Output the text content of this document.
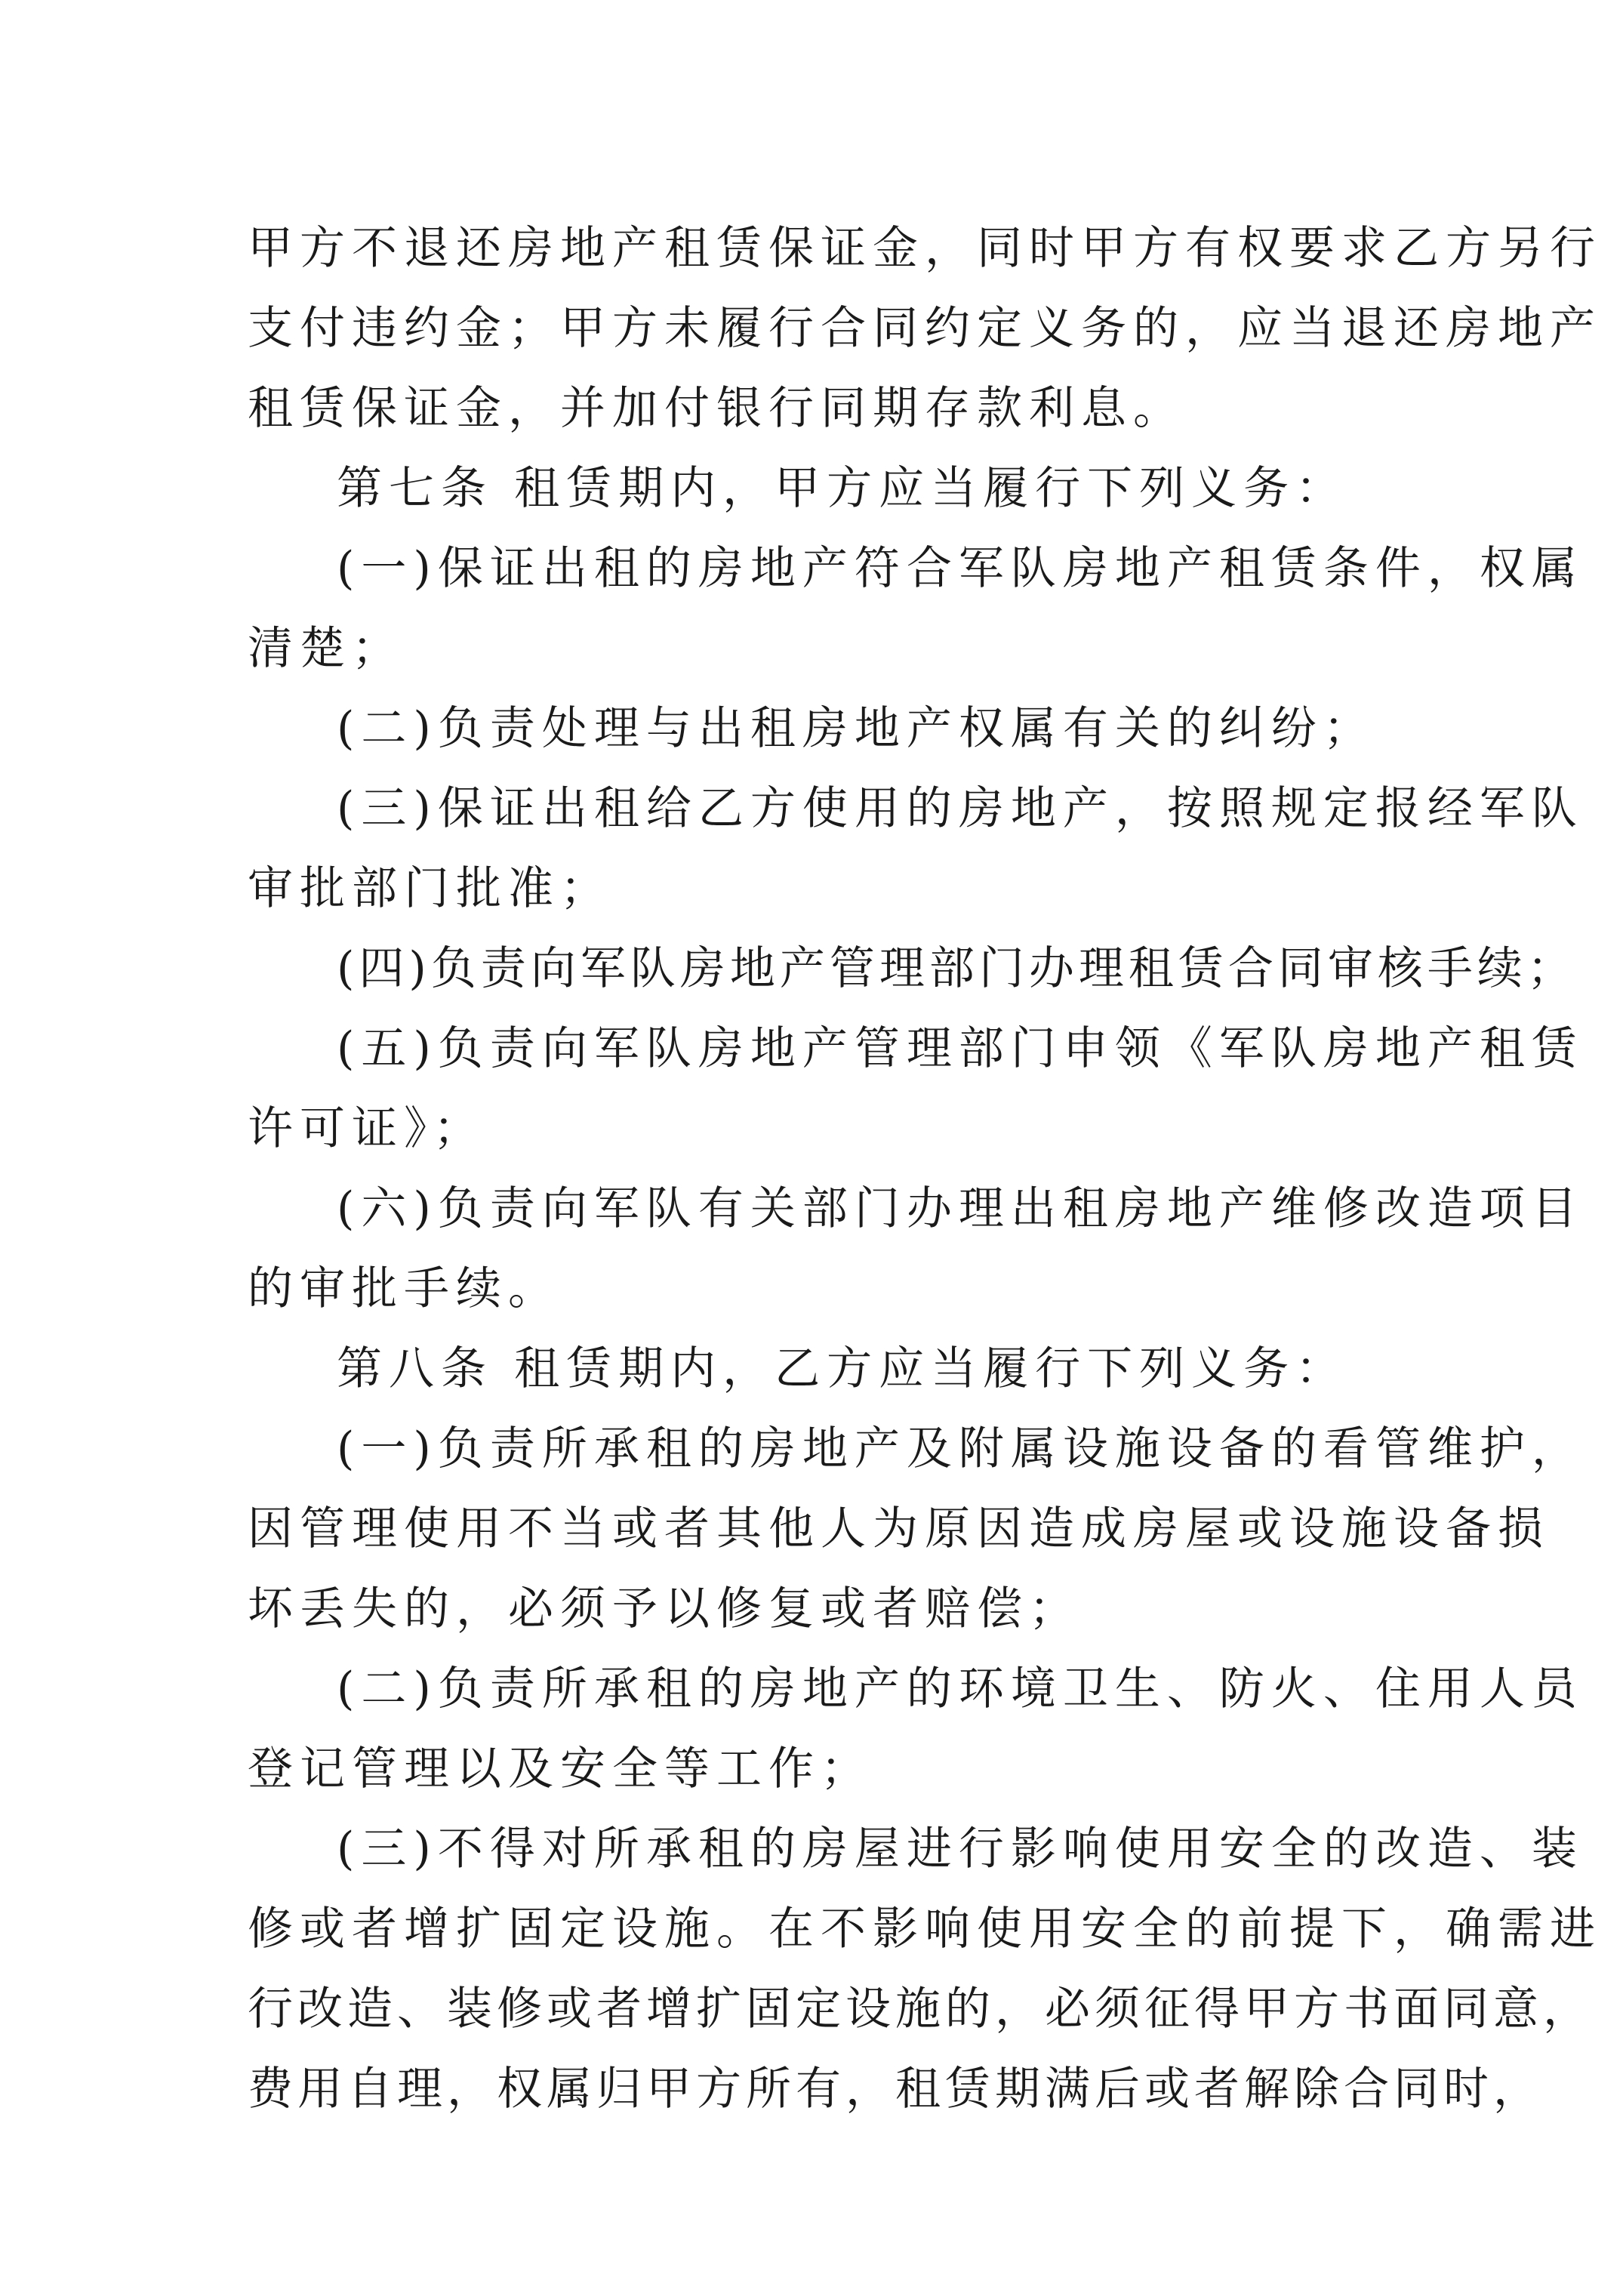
甲方不退还房地产租赁保证金，同时甲方有权要求乙方另行
支付违约金；甲方未履行合同约定义务的，应当退还房地产
租赁保证金，并加付银行同期存款利息。
第七条 租赁期内，甲方应当履行下列义务：
(一)保证出租的房地产符合军队房地产租赁条件，权属
清楚；
(二)负责处理与出租房地产权属有关的纠纷；
(三)保证出租给乙方使用的房地产，按照规定报经军队
审批部门批准；
(四)负责向军队房地产管理部门办理租赁合同审核手续；
(五)负责向军队房地产管理部门申领《军队房地产租赁
许可证》；
(六)负责向军队有关部门办理出租房地产维修改造项目
的审批手续。
第八条 租赁期内，乙方应当履行下列义务：
(一)负责所承租的房地产及附属设施设备的看管维护，
因管理使用不当或者其他人为原因造成房屋或设施设备损
坏丢失的，必须予以修复或者赔偿；
(二)负责所承租的房地产的环境卫生、防火、住用人员
登记管理以及安全等工作；
(三)不得对所承租的房屋进行影响使用安全的改造、装
修或者增扩固定设施。在不影响使用安全的前提下，确需进
行改造、装修或者增扩固定设施的，必须征得甲方书面同意，
费用自理，权属归甲方所有，租赁期满后或者解除合同时，
